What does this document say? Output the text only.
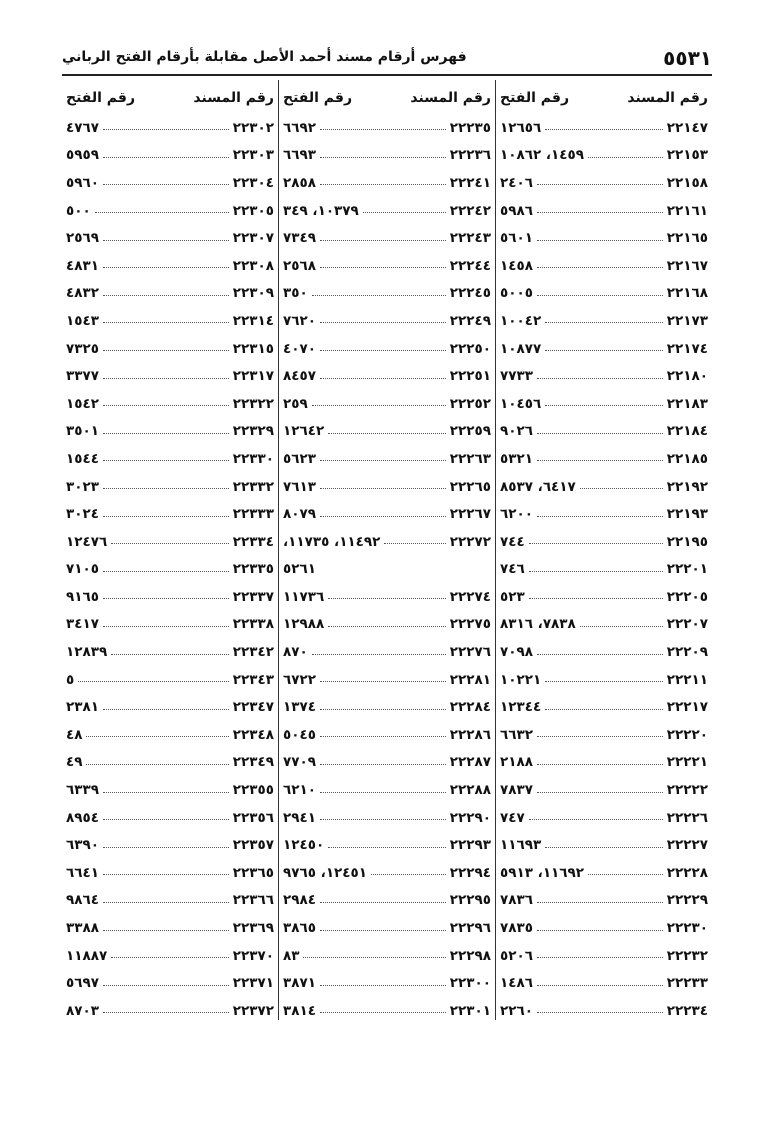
٥٥٣١
فهرس أرقام مسند أحمد الأصل مقابلة بأرقام الفتح الرباني
رقم المسند
رقم الفتح
٢٢١٤٧
١٢٦٥٦
٢٢١٥٣
١٤٥٩، ١٠٨٦٢
٢٢١٥٨
٢٤٠٦
٢٢١٦١
٥٩٨٦
٢٢١٦٥
٥٦٠١
٢٢١٦٧
١٤٥٨
٢٢١٦٨
٥٠٠٥
٢٢١٧٣
١٠٠٤٢
٢٢١٧٤
١٠٨٧٧
٢٢١٨٠
٧٧٣٣
٢٢١٨٣
١٠٤٥٦
٢٢١٨٤
٩٠٢٦
٢٢١٨٥
٥٣٢١
٢٢١٩٢
٦٤١٧، ٨٥٣٧
٢٢١٩٣
٦٢٠٠
٢٢١٩٥
٧٤٤
٢٢٢٠١
٧٤٦
٢٢٢٠٥
٥٢٣
٢٢٢٠٧
٧٨٣٨، ٨٣١٦
٢٢٢٠٩
٧٠٩٨
٢٢٢١١
١٠٢٢١
٢٢٢١٧
١٢٣٤٤
٢٢٢٢٠
٦٦٣٢
٢٢٢٢١
٢١٨٨
٢٢٢٢٢
٧٨٣٧
٢٢٢٢٦
٧٤٧
٢٢٢٢٧
١١٦٩٣
٢٢٢٢٨
١١٦٩٢، ٥٩١٣
٢٢٢٢٩
٧٨٣٦
٢٢٢٣٠
٧٨٣٥
٢٢٢٣٢
٥٢٠٦
٢٢٢٣٣
١٤٨٦
٢٢٢٣٤
٢٢٦٠
رقم المسند
رقم الفتح
٢٢٢٣٥
٦٦٩٢
٢٢٢٣٦
٦٦٩٣
٢٢٢٤١
٢٨٥٨
٢٢٢٤٢
١٠٣٧٩، ٣٤٩
٢٢٢٤٣
٧٣٤٩
٢٢٢٤٤
٢٥٦٨
٢٢٢٤٥
٣٥٠
٢٢٢٤٩
٧٦٢٠
٢٢٢٥٠
٤٠٧٠
٢٢٢٥١
٨٤٥٧
٢٢٢٥٢
٢٥٩
٢٢٢٥٩
١٢٦٤٢
٢٢٢٦٣
٥٦٢٣
٢٢٢٦٥
٧٦١٣
٢٢٢٦٧
٨٠٧٩
٢٢٢٧٢
١١٤٩٢، ١١٧٣٥،
٥٢٦١
٢٢٢٧٤
١١٧٣٦
٢٢٢٧٥
١٢٩٨٨
٢٢٢٧٦
٨٧٠
٢٢٢٨١
٦٧٢٢
٢٢٢٨٤
١٣٧٤
٢٢٢٨٦
٥٠٤٥
٢٢٢٨٧
٧٧٠٩
٢٢٢٨٨
٦٢١٠
٢٢٢٩٠
٢٩٤١
٢٢٢٩٣
١٢٤٥٠
٢٢٢٩٤
١٢٤٥١، ٩٧٦٥
٢٢٢٩٥
٢٩٨٤
٢٢٢٩٦
٣٨٦٥
٢٢٢٩٨
٨٣
٢٢٣٠٠
٣٨٧١
٢٢٣٠١
٣٨١٤
رقم المسند
رقم الفتح
٢٢٣٠٢
٤٧٦٧
٢٢٣٠٣
٥٩٥٩
٢٢٣٠٤
٥٩٦٠
٢٢٣٠٥
٥٠٠
٢٢٣٠٧
٢٥٦٩
٢٢٣٠٨
٤٨٣١
٢٢٣٠٩
٤٨٣٢
٢٢٣١٤
١٥٤٣
٢٢٣١٥
٧٣٢٥
٢٢٣١٧
٣٣٧٧
٢٢٣٢٢
١٥٤٢
٢٢٣٢٩
٣٥٠١
٢٢٣٣٠
١٥٤٤
٢٢٣٣٢
٣٠٢٣
٢٢٣٣٣
٣٠٢٤
٢٢٣٣٤
١٢٤٧٦
٢٢٣٣٥
٧١٠٥
٢٢٣٣٧
٩١٦٥
٢٢٣٣٨
٣٤١٧
٢٢٣٤٢
١٢٨٣٩
٢٢٣٤٣
٥
٢٢٣٤٧
٢٣٨١
٢٢٣٤٨
٤٨
٢٢٣٤٩
٤٩
٢٢٣٥٥
٦٣٣٩
٢٢٣٥٦
٨٩٥٤
٢٢٣٥٧
٦٣٩٠
٢٢٣٦٥
٦٦٤١
٢٢٣٦٦
٩٨٦٤
٢٢٣٦٩
٣٣٨٨
٢٢٣٧٠
١١٨٨٧
٢٢٣٧١
٥٦٩٧
٢٢٣٧٢
٨٧٠٣
